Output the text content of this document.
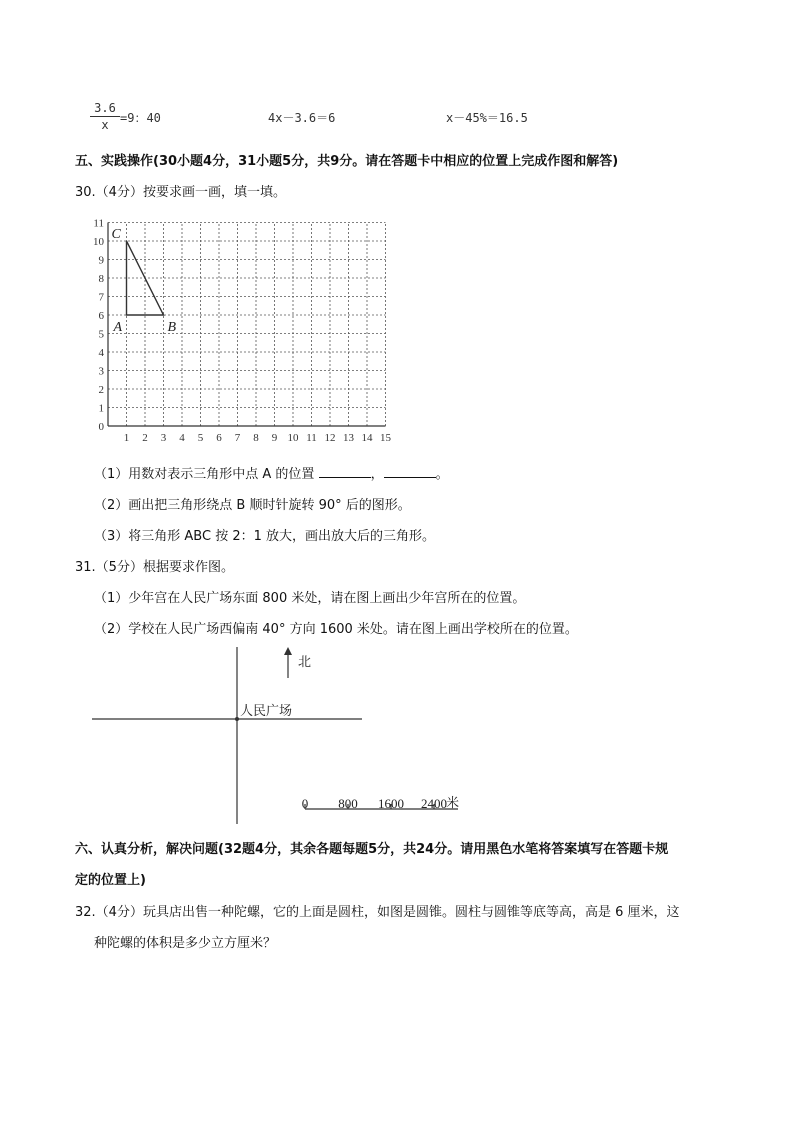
$\frac{3.6}{x} =9$：40	4x－3.6＝6	x－45%＝16.5
五、实践操作(30小题4分，31小题5分，共9分。请在答题卡中相应的位置上完成作图和解答)
30.（4分）按要求画一画，填一填。
1 2 3 4 5 6 7 8 9 10 11 12 13 14 15
0
1
2
3
4
5
6
7
8
9
10
11
A	B
C
（1）用数对表示三角形中点 A 的位置	，	。
（2）画出把三角形绕点 B 顺时针旋转 90° 后的图形。
（3）将三角形 ABC 按 2：1 放大，画出放大后的三角形。
31.（5分）根据要求作图。
（1）少年宫在人民广场东面 800 米处，请在图上画出少年宫所在的位置。
（2）学校在人民广场西偏南 40° 方向 1600 米处。请在图上画出学校所在的位置。
北
人民广场
0 800 1600 2400 米
六、认真分析，解决问题(32题4分，其余各题每题5分，共24分。请用黑色水笔将答案填写在答题卡规
定的位置上)
32.（4分）玩具店出售一种陀螺，它的上面是圆柱，如图是圆锥。圆柱与圆锥等底等高，高是 6 厘米，这
种陀螺的体积是多少立方厘米？
